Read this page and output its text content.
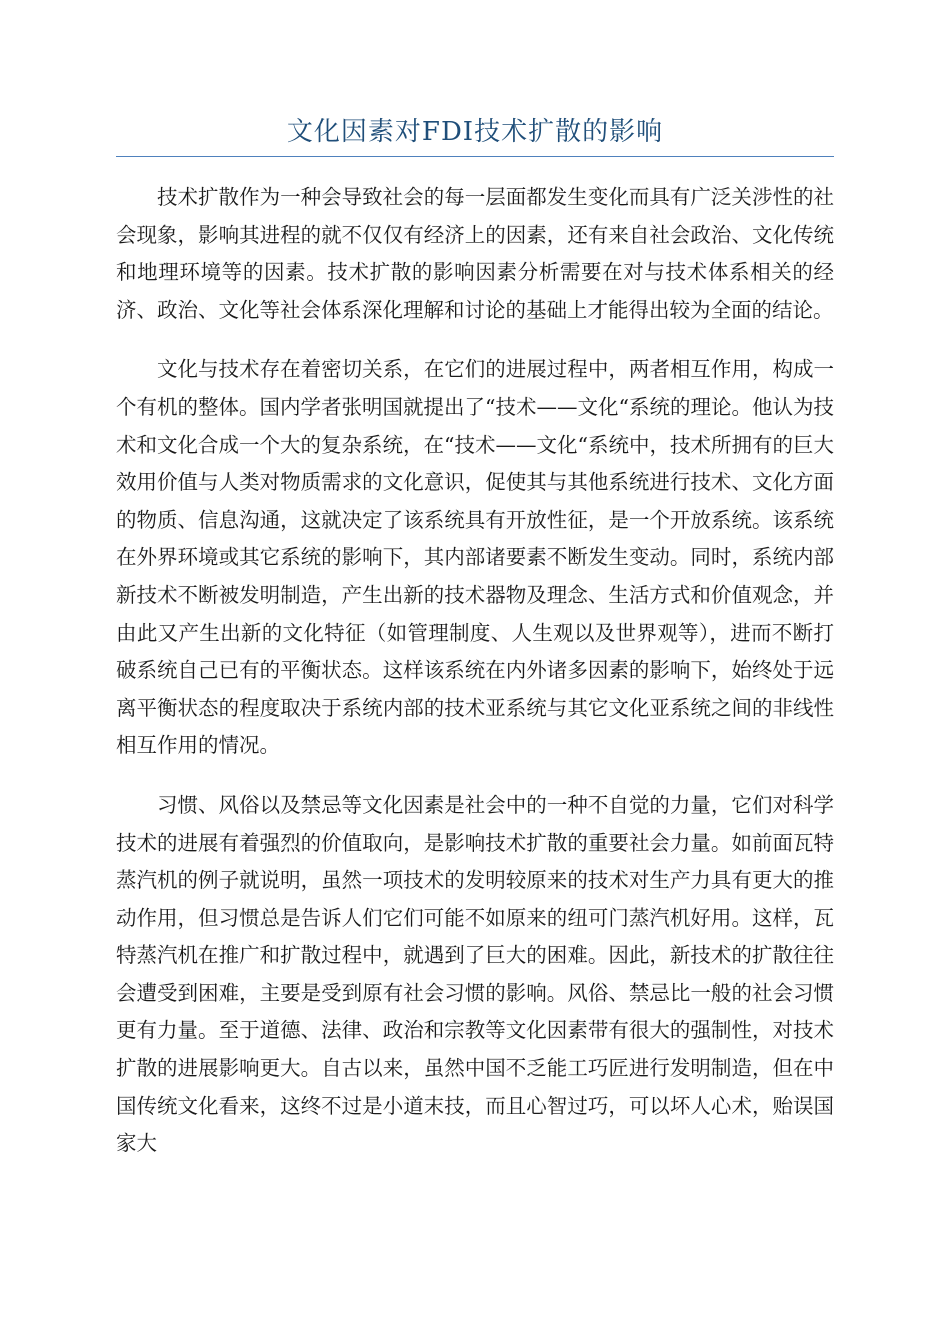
文化因素对FDI技术扩散的影响

技术扩散作为一种会导致社会的每一层面都发生变化而具有广泛关涉性的社会现象，影响其进程的就不仅仅有经济上的因素，还有来自社会政治、文化传统和地理环境等的因素。技术扩散的影响因素分析需要在对与技术体系相关的经济、政治、文化等社会体系深化理解和讨论的基础上才能得出较为全面的结论。

文化与技术存在着密切关系，在它们的进展过程中，两者相互作用，构成一个有机的整体。国内学者张明国就提出了“技术——文化“系统的理论。他认为技术和文化合成一个大的复杂系统，在“技术——文化“系统中，技术所拥有的巨大效用价值与人类对物质需求的文化意识，促使其与其他系统进行技术、文化方面的物质、信息沟通，这就决定了该系统具有开放性征，是一个开放系统。该系统在外界环境或其它系统的影响下，其内部诸要素不断发生变动。同时，系统内部新技术不断被发明制造，产生出新的技术器物及理念、生活方式和价值观念，并由此又产生出新的文化特征（如管理制度、人生观以及世界观等），进而不断打破系统自己已有的平衡状态。这样该系统在内外诸多因素的影响下，始终处于远离平衡状态的程度取决于系统内部的技术亚系统与其它文化亚系统之间的非线性相互作用的情况。

习惯、风俗以及禁忌等文化因素是社会中的一种不自觉的力量，它们对科学技术的进展有着强烈的价值取向，是影响技术扩散的重要社会力量。如前面瓦特蒸汽机的例子就说明，虽然一项技术的发明较原来的技术对生产力具有更大的推动作用，但习惯总是告诉人们它们可能不如原来的纽可门蒸汽机好用。这样，瓦特蒸汽机在推广和扩散过程中，就遇到了巨大的困难。因此，新技术的扩散往往会遭受到困难，主要是受到原有社会习惯的影响。风俗、禁忌比一般的社会习惯更有力量。至于道德、法律、政治和宗教等文化因素带有很大的强制性，对技术扩散的进展影响更大。自古以来，虽然中国不乏能工巧匠进行发明制造，但在中国传统文化看来，这终不过是小道末技，而且心智过巧，可以坏人心术，贻误国家大
